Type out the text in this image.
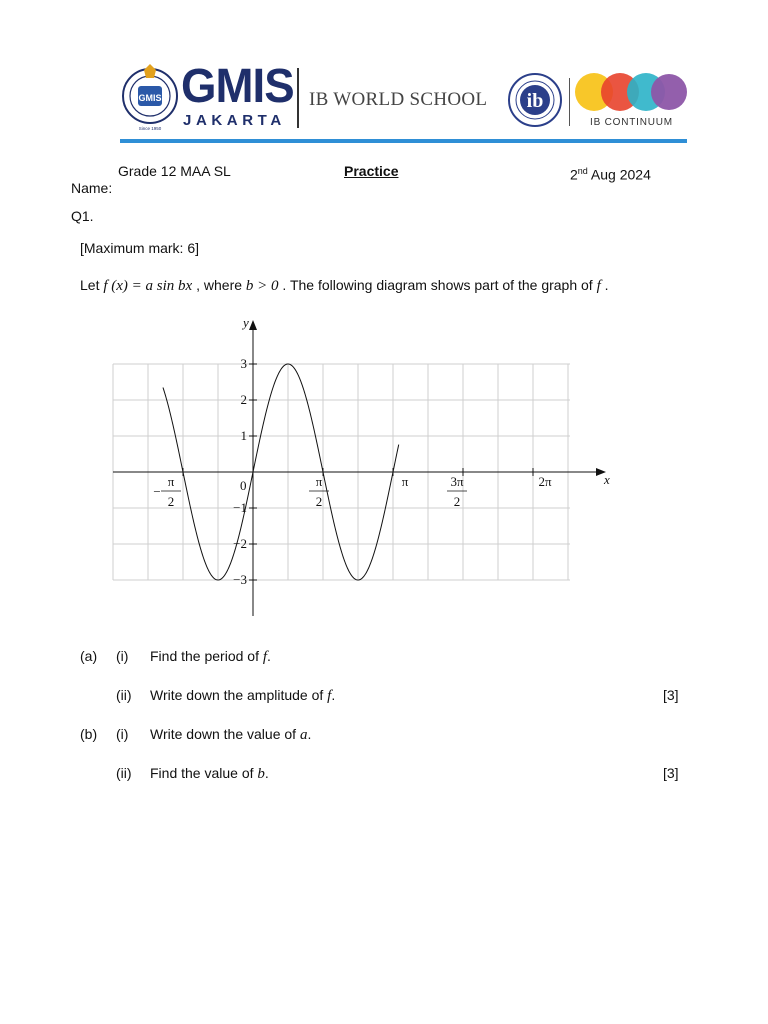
GMIS
Since 1950
GMIS
JAKARTA
IB WORLD SCHOOL ib
IB CONTINUUM
Grade 12 MAA SL	Practice	2nd Aug 2024
Name:
Q1.
[Maximum mark: 6]
Let f (x) = a sin bx , where b > 0 . The following diagram shows part of the graph of f .
3
2
1
−1
−2
−3
π
2
−
π
2
π	3π
2
2π	x
y
0
(a) (i) Find the period of f.
(ii) Write down the amplitude of f.	[3]
(b) (i) Write down the value of a.
(ii) Find the value of b.	[3]
